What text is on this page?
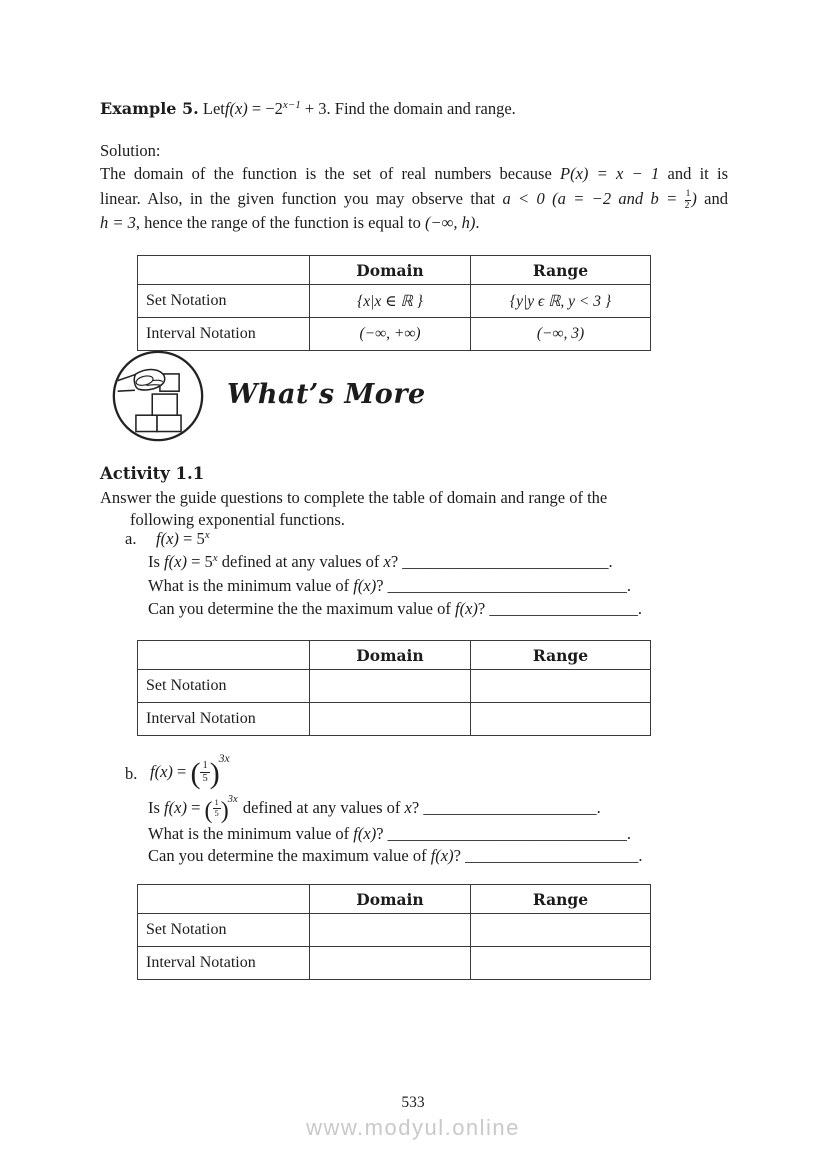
Example 5. Letf(x) = $-2^{x-1} + 3$. Find the domain and range.
Solution:
The domain of the function is the set of real numbers because P(x) = x − 1 and it is
linear. Also, in the given function you may observe that a < 0 (a = −2 and $b = \frac{1}{2}$ ) and
h = 3, hence the range of the function is equal to (−∞, h).
	Domain	Range
Set Notation	{x|x ∈ ℝ }	{y|y ϵ ℝ, y < 3 }
Interval Notation	(−∞, +∞)	(−∞, 3)
What’s More
Activity 1.1
Answer the guide questions to complete the table of domain and range of the
following exponential functions.
a. $f(x) = 5^x$
Is $f(x) = 5^x$ defined at any values of x? _________________________.
What is the minimum value of f(x)? _____________________________.
Can you determine the the maximum value of f(x)? __________________.
	Domain	Range
Set Notation		
Interval Notation		
b. f(x) = ( $\frac{1}{5} )^{3x}$
Is f(x) = ( $\frac{1}{5} )^{3x}$ defined at any values of x? _____________________.
What is the minimum value of f(x)? _____________________________.
Can you determine the maximum value of f(x)? _____________________.
	Domain	Range
Set Notation		
Interval Notation		
533
www.modyul.online
